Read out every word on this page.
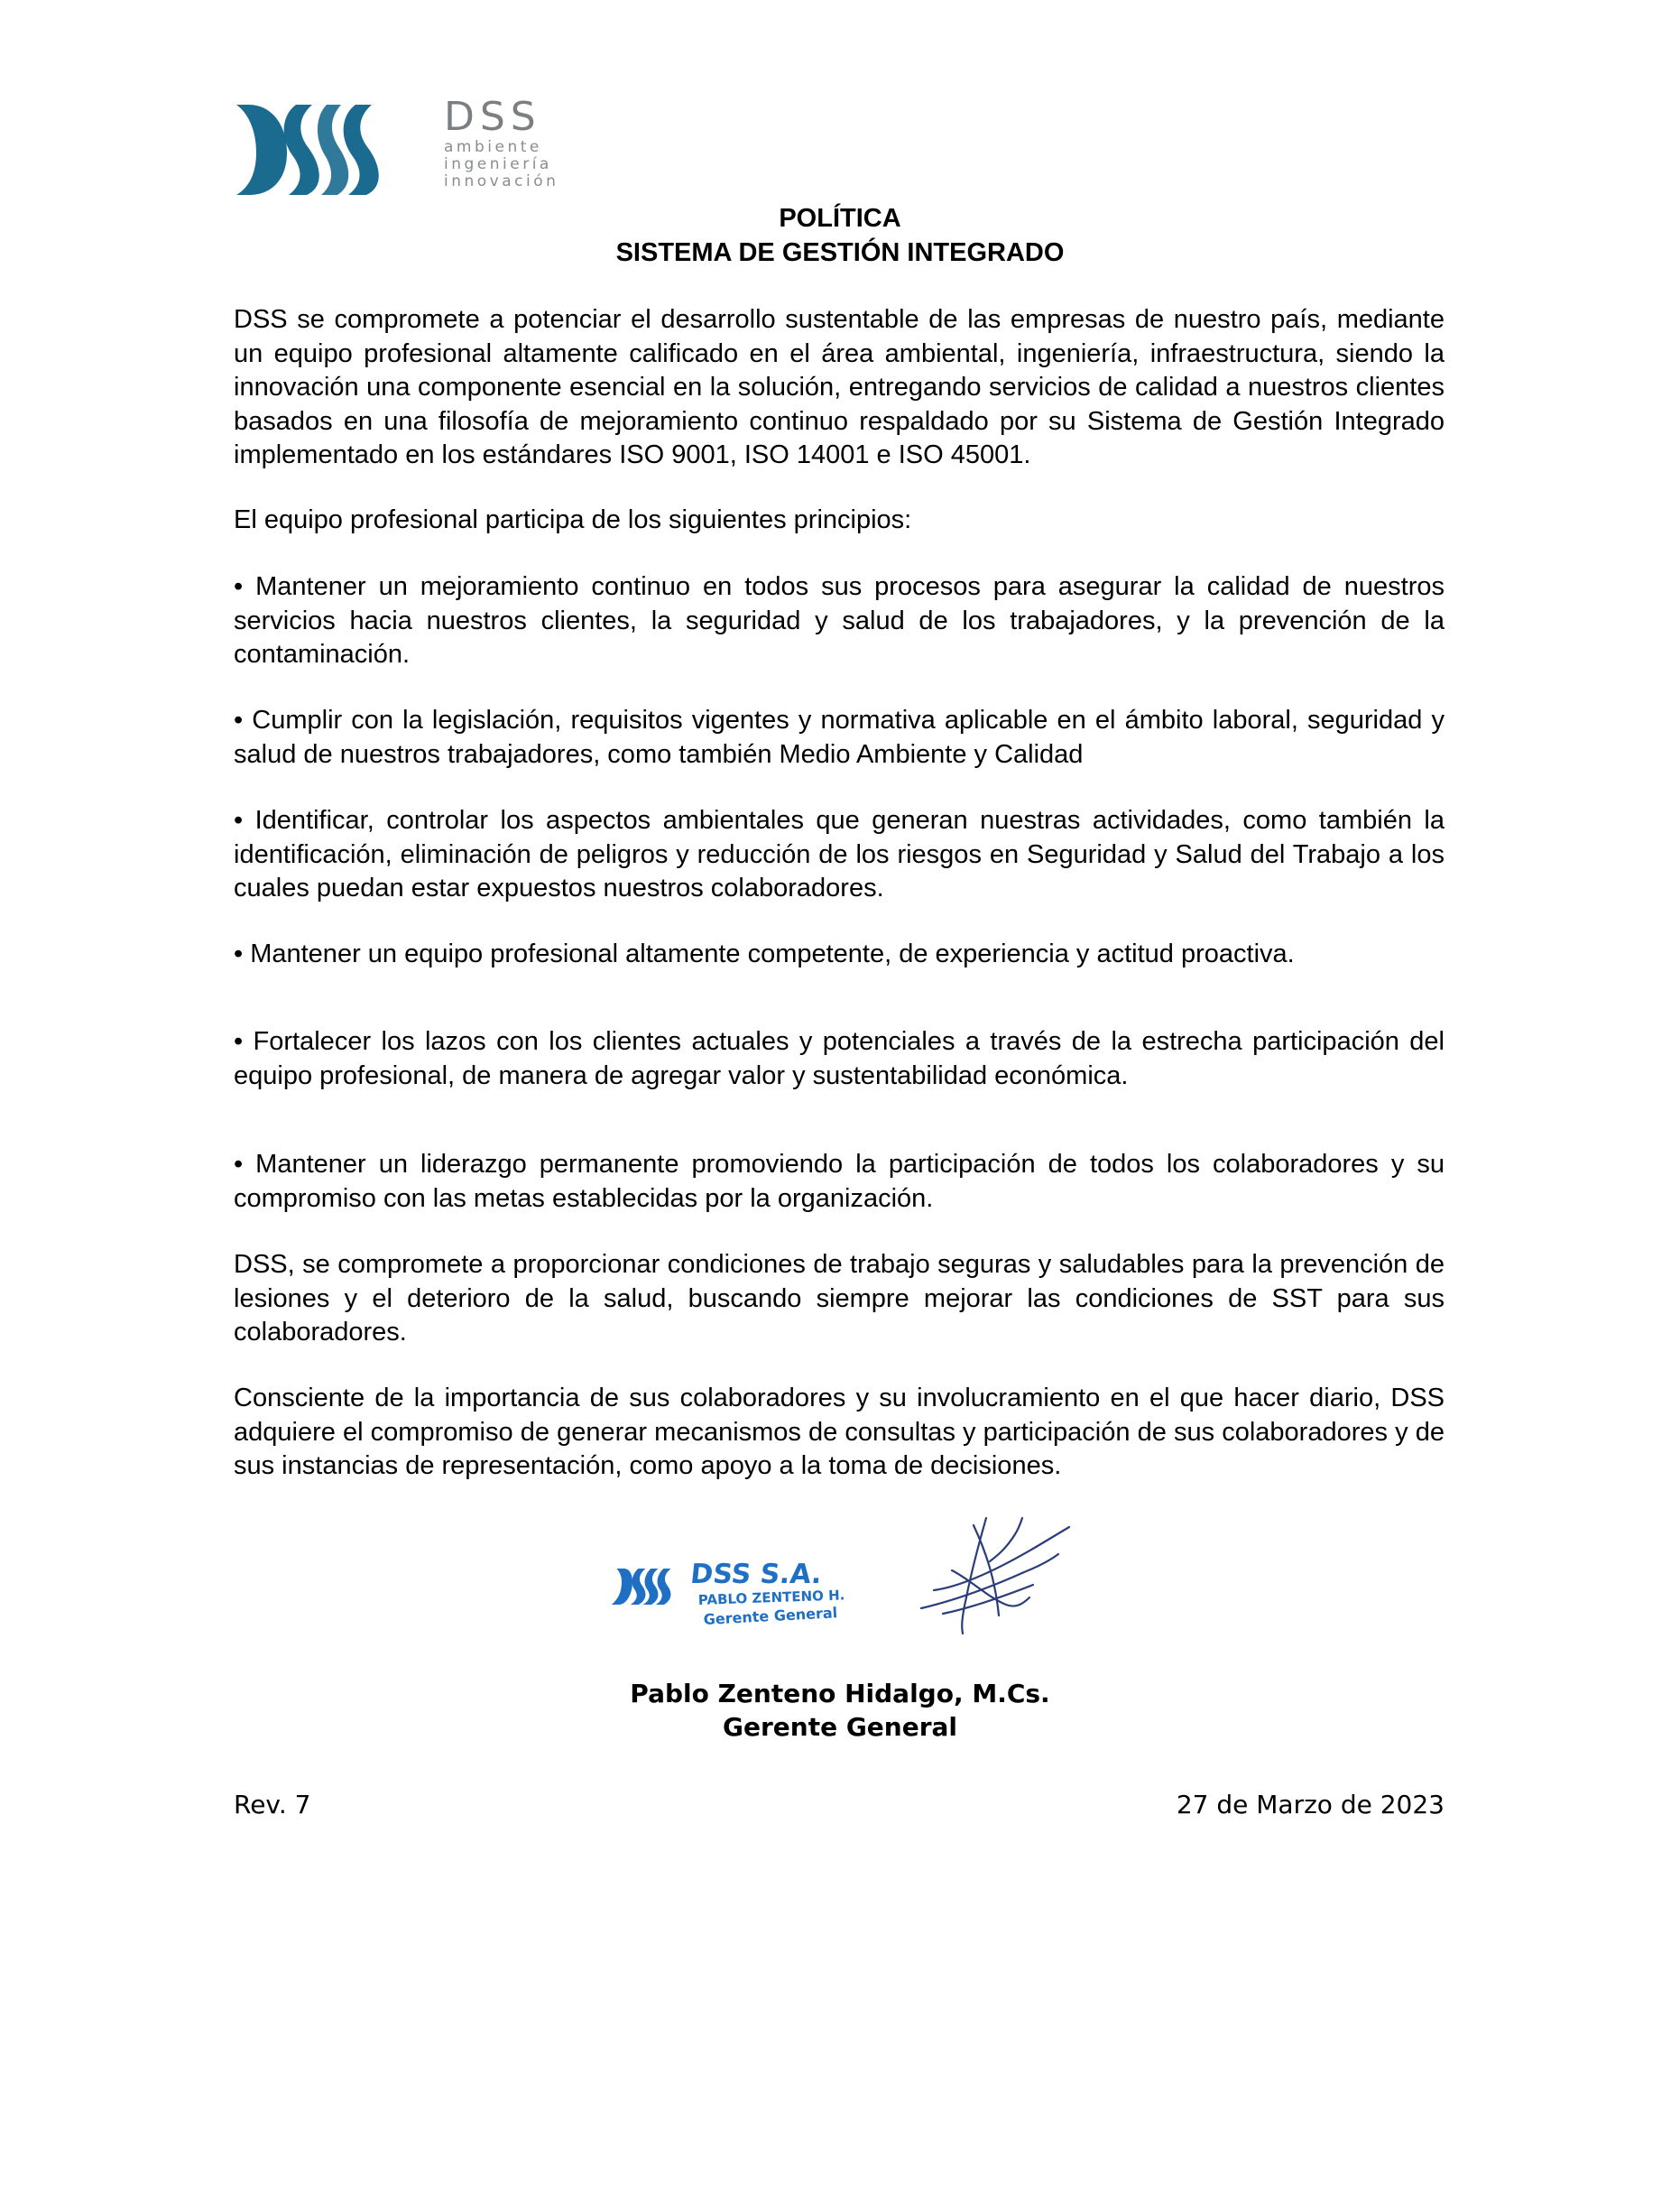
DSS
ambiente
ingeniería
innovación
POLÍTICA
SISTEMA DE GESTIÓN INTEGRADO
DSS se compromete a potenciar el desarrollo sustentable de las empresas de nuestro país, mediante un equipo profesional altamente calificado en el área ambiental, ingeniería, infraestructura, siendo la innovación una componente esencial en la solución, entregando servicios de calidad a nuestros clientes basados en una filosofía de mejoramiento continuo respaldado por su Sistema de Gestión Integrado implementado en los estándares ISO 9001, ISO 14001 e ISO 45001.
El equipo profesional participa de los siguientes principios:
• Mantener un mejoramiento continuo en todos sus procesos para asegurar la calidad de nuestros servicios hacia nuestros clientes, la seguridad y salud de los trabajadores, y la prevención de la contaminación.
• Cumplir con la legislación, requisitos vigentes y normativa aplicable en el ámbito laboral, seguridad y salud de nuestros trabajadores, como también Medio Ambiente y Calidad
• Identificar, controlar los aspectos ambientales que generan nuestras actividades, como también la identificación, eliminación de peligros y reducción de los riesgos en Seguridad y Salud del Trabajo a los cuales puedan estar expuestos nuestros colaboradores.
• Mantener un equipo profesional altamente competente, de experiencia y actitud proactiva.
• Fortalecer los lazos con los clientes actuales y potenciales a través de la estrecha participación del equipo profesional, de manera de agregar valor y sustentabilidad económica.
• Mantener un liderazgo permanente promoviendo la participación de todos los colaboradores y su compromiso con las metas establecidas por la organización.
DSS, se compromete a proporcionar condiciones de trabajo seguras y saludables para la prevención de lesiones y el deterioro de la salud, buscando siempre mejorar las condiciones de SST para sus colaboradores.
Consciente de la importancia de sus colaboradores y su involucramiento en el que hacer diario, DSS adquiere el compromiso de generar mecanismos de consultas y participación de sus colaboradores y de sus instancias de representación, como apoyo a la toma de decisiones.
DSS S.A.
PABLO ZENTENO H.
Gerente General
Pablo Zenteno Hidalgo, M.Cs.
Gerente General
Rev. 7	27 de Marzo de 2023
